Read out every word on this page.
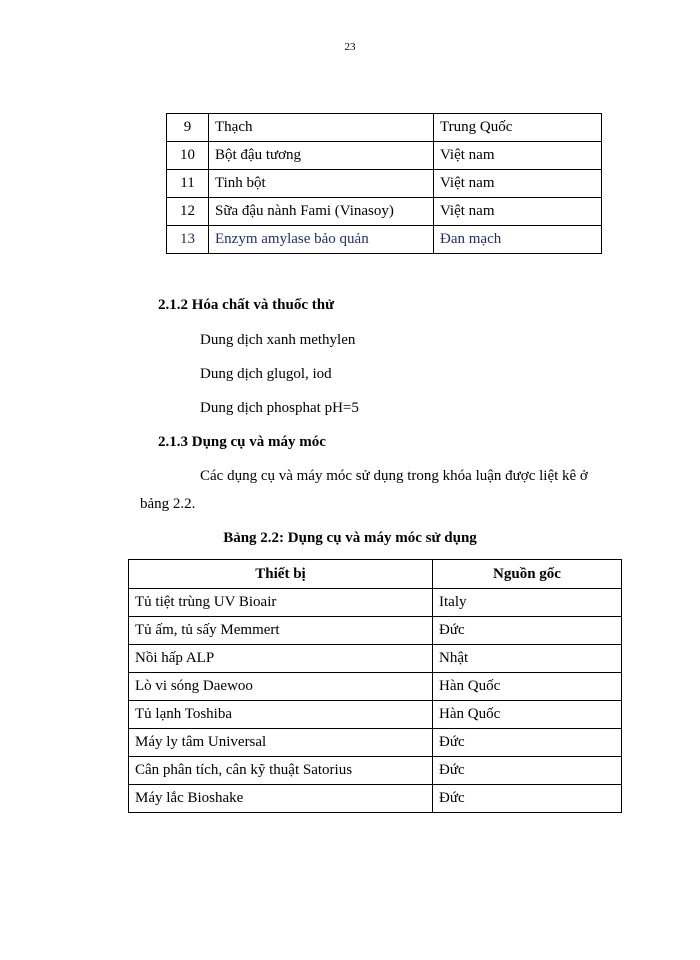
23
9	Thạch	Trung Quốc
10	Bột đậu tương	Việt nam
11	Tinh bột	Việt nam
12	Sữa đậu nành Fami (Vinasoy)	Việt nam
13	Enzym amylase bảo quản	Đan mạch
2.1.2 Hóa chất và thuốc thử
Dung dịch xanh methylen
Dung dịch glugol, iod
Dung dịch phosphat pH=5
2.1.3 Dụng cụ và máy móc
Các dụng cụ và máy móc sử dụng trong khóa luận được liệt kê ở
bảng 2.2.
Bảng 2.2: Dụng cụ và máy móc sử dụng
Thiết bị	Nguồn gốc
Tủ tiệt trùng UV Bioair	Italy
Tủ ấm, tủ sấy Memmert	Đức
Nồi hấp ALP	Nhật
Lò vi sóng Daewoo	Hàn Quốc
Tủ lạnh Toshiba	Hàn Quốc
Máy ly tâm Universal	Đức
Cân phân tích, cân kỹ thuật Satorius	Đức
Máy lắc Bioshake	Đức
